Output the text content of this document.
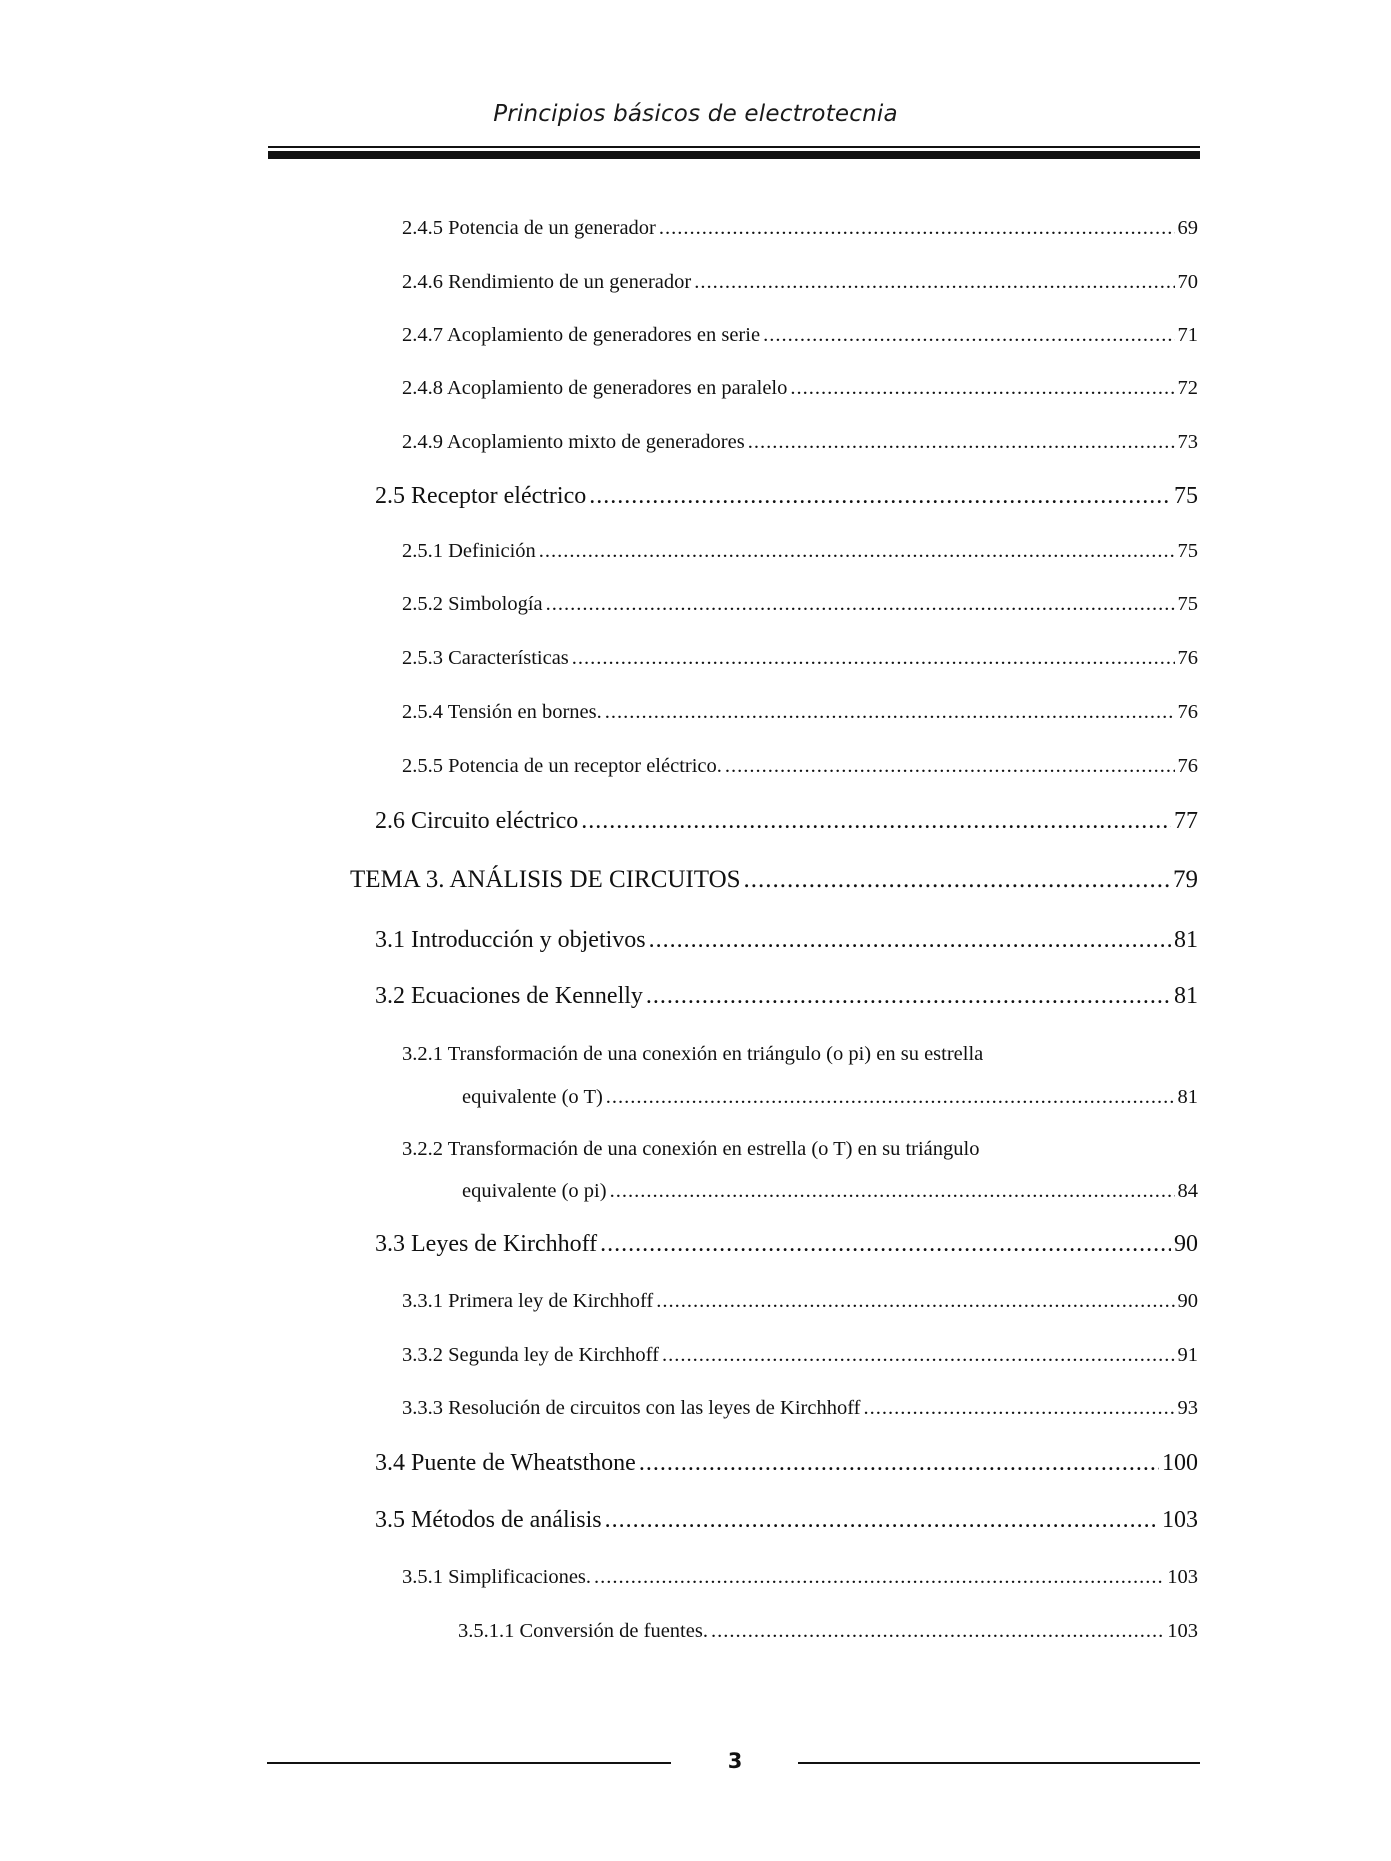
Principios básicos de electrotecnia
2.4.5 Potencia de un generador .....	69
2.4.6 Rendimiento de un generador .....	70
2.4.7 Acoplamiento de generadores en serie .....	71
2.4.8 Acoplamiento de generadores en paralelo .....	72
2.4.9 Acoplamiento mixto de generadores .....	73
2.5 Receptor eléctrico .....	75
2.5.1 Definición .....	75
2.5.2 Simbología .....	75
2.5.3 Características .....	76
2.5.4 Tensión en bornes. .....	76
2.5.5 Potencia de un receptor eléctrico. .....	76
2.6 Circuito eléctrico .....	77
TEMA 3. ANÁLISIS DE CIRCUITOS .....	79
3.1 Introducción y objetivos .....	81
3.2 Ecuaciones de Kennelly .....	81
3.2.1 Transformación de una conexión en triángulo (o pi) en su estrella
equivalente (o T) .....	81
3.2.2 Transformación de una conexión en estrella (o T) en su triángulo
equivalente (o pi) .....	84
3.3 Leyes de Kirchhoff .....	90
3.3.1 Primera ley de Kirchhoff .....	90
3.3.2 Segunda ley de Kirchhoff .....	91
3.3.3 Resolución de circuitos con las leyes de Kirchhoff .....	93
3.4 Puente de Wheatsthone .....	100
3.5 Métodos de análisis .....	103
3.5.1 Simplificaciones. .....	103
3.5.1.1 Conversión de fuentes. .....	103
3
